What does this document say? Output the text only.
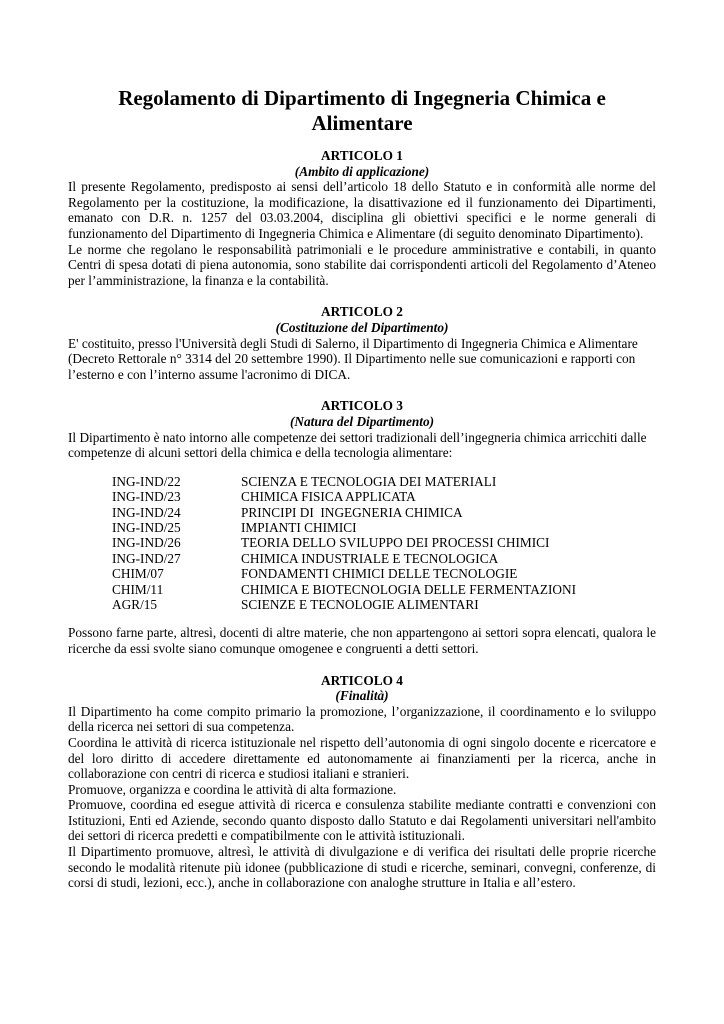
Regolamento di Dipartimento di Ingegneria Chimica e Alimentare
ARTICOLO 1
(Ambito di applicazione)

Il presente Regolamento, predisposto ai sensi dell’articolo 18 dello Statuto e in conformità alle norme del Regolamento per la costituzione, la modificazione, la disattivazione ed il funzionamento dei Dipartimenti, emanato con D.R. n. 1257 del 03.03.2004, disciplina gli obiettivi specifici e le norme generali di funzionamento del Dipartimento di Ingegneria Chimica e Alimentare (di seguito denominato Dipartimento).

Le norme che regolano le responsabilità patrimoniali e le procedure amministrative e contabili, in quanto Centri di spesa dotati di piena autonomia, sono stabilite dai corrispondenti articoli del Regolamento d’Ateneo per l’amministrazione, la finanza e la contabilità.

ARTICOLO 2
(Costituzione del Dipartimento)

E' costituito, presso l'Università degli Studi di Salerno, il Dipartimento di Ingegneria Chimica e Alimentare (Decreto Rettorale n° 3314 del 20 settembre 1990). Il Dipartimento nelle sue comunicazioni e rapporti con l’esterno e con l’interno assume l'acronimo di DICA.

ARTICOLO 3
(Natura del Dipartimento)

Il Dipartimento è nato intorno alle competenze dei settori tradizionali dell’ingegneria chimica arricchiti dalle competenze di alcuni settori della chimica e della tecnologia alimentare:

ING-IND/22	SCIENZA E TECNOLOGIA DEI MATERIALI
ING-IND/23	CHIMICA FISICA APPLICATA
ING-IND/24	PRINCIPI DI  INGEGNERIA CHIMICA
ING-IND/25	IMPIANTI CHIMICI
ING-IND/26	TEORIA DELLO SVILUPPO DEI PROCESSI CHIMICI
ING-IND/27	CHIMICA INDUSTRIALE E TECNOLOGICA
CHIM/07	FONDAMENTI CHIMICI DELLE TECNOLOGIE
CHIM/11	CHIMICA E BIOTECNOLOGIA DELLE FERMENTAZIONI
AGR/15	SCIENZE E TECNOLOGIE ALIMENTARI

Possono farne parte, altresì, docenti di altre materie, che non appartengono ai settori sopra elencati, qualora le ricerche da essi svolte siano comunque omogenee e congruenti a detti settori.

ARTICOLO 4
(Finalità)

Il Dipartimento ha come compito primario la promozione, l’organizzazione, il coordinamento e lo sviluppo della ricerca nei settori di sua competenza.

Coordina le attività di ricerca istituzionale nel rispetto dell’autonomia di ogni singolo docente e ricercatore e del loro diritto di accedere direttamente ed autonomamente ai finanziamenti per la ricerca, anche in collaborazione con centri di ricerca e studiosi italiani e stranieri.

Promuove, organizza e coordina le attività di alta formazione.

Promuove, coordina ed esegue attività di ricerca e consulenza stabilite mediante contratti e convenzioni con Istituzioni, Enti ed Aziende, secondo quanto disposto dallo Statuto e dai Regolamenti universitari nell'ambito dei settori di ricerca predetti e compatibilmente con le attività istituzionali.

Il Dipartimento promuove, altresì, le attività di divulgazione e di verifica dei risultati delle proprie ricerche secondo le modalità ritenute più idonee (pubblicazione di studi e ricerche, seminari, convegni, conferenze, di corsi di studi, lezioni, ecc.), anche in collaborazione con analoghe strutture in Italia e all’estero.
